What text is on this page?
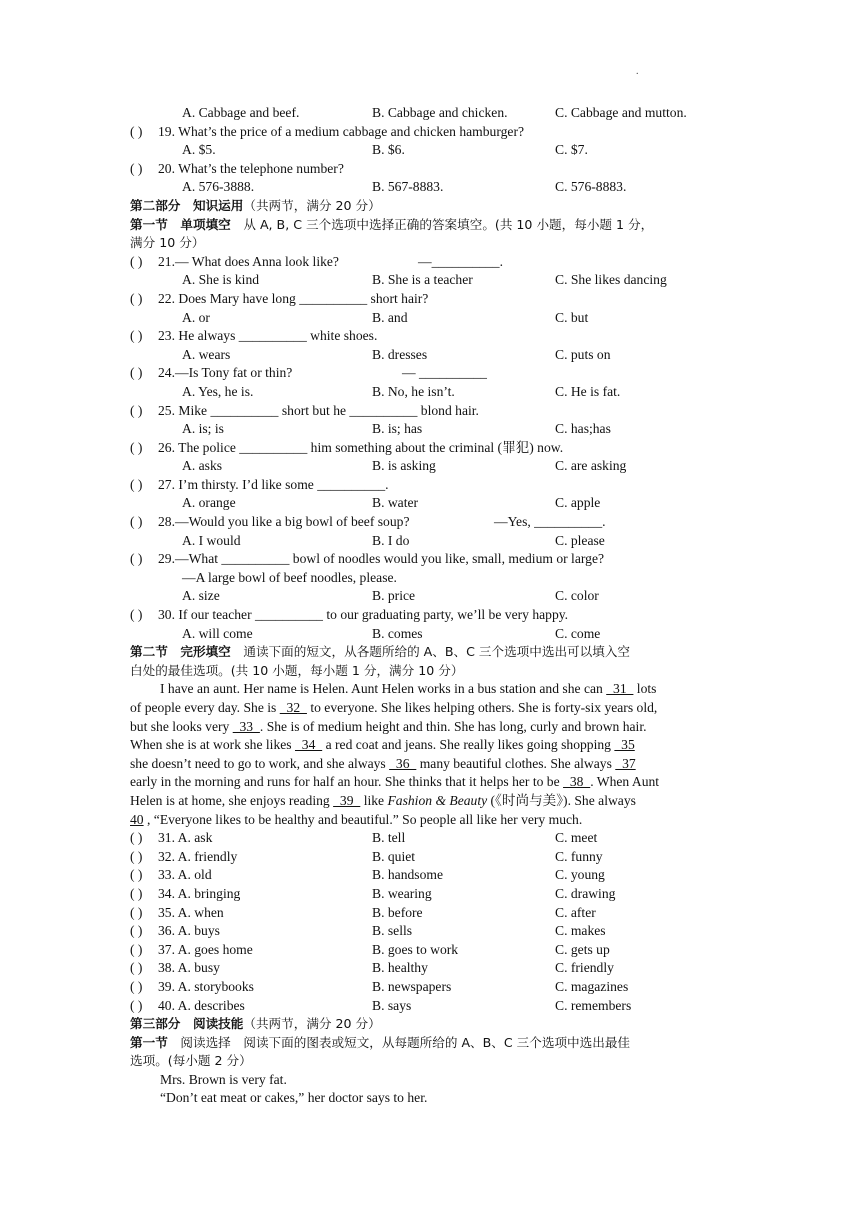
.
A. Cabbage and beef.	B. Cabbage and chicken.	C. Cabbage and mutton.
( ) 19. What’s the price of a medium cabbage and chicken hamburger?
A. $5.	B. $6.	C. $7.
( ) 20. What’s the telephone number?
A. 576-3888.	B. 567-8883.	C. 576-8883.
第二部分　知识运用（共两节，满分 20 分）
第一节　单项填空　从 A, B, C 三个选项中选择正确的答案填空。(共 10 小题，每小题 1 分，
满分 10 分）
( ) 21.— What does Anna look like?	—__________.
A. She is kind	B. She is a teacher	C. She likes dancing
( ) 22. Does Mary have long __________ short hair?
A. or	B. and	C. but
( ) 23. He always __________ white shoes.
A. wears	B. dresses	C. puts on
( ) 24.—Is Tony fat or thin?	— __________
A. Yes, he is.	B. No, he isn’t.	C. He is fat.
( ) 25. Mike __________ short but he __________ blond hair.
A. is; is	B. is; has	C. has;has
( ) 26. The police __________ him something about the criminal (罪犯) now.
A. asks	B. is asking	C. are asking
( ) 27. I’m thirsty. I’d like some __________.
A. orange	B. water	C. apple
( ) 28.—Would you like a big bowl of beef soup?	—Yes, __________.
A. I would	B. I do	C. please
( ) 29.—What __________ bowl of noodles would you like, small, medium or large?
—A large bowl of beef noodles, please.
A. size	B. price	C. color
( ) 30. If our teacher __________ to our graduating party, we’ll be very happy.
A. will come	B. comes	C. come
第二节　完形填空　通读下面的短文，从各题所给的 A、B、C 三个选项中选出可以填入空
白处的最佳选项。(共 10 小题，每小题 1 分，满分 10 分）
I have an aunt. Her name is Helen. Aunt Helen works in a bus station and she can   31   lots
of people every day. She is   32   to everyone. She likes helping others. She is forty-six years old,
but she looks very   33  . She is of medium height and thin. She has long, curly and brown hair.
When she is at work she likes   34   a red coat and jeans. She really likes going shopping   35
she doesn’t need to go to work, and she always   36   many beautiful clothes. She always   37
early in the morning and runs for half an hour. She thinks that it helps her to be   38  . When Aunt
Helen is at home, she enjoys reading   39   like Fashion & Beauty (《时尚与美》). She always
40 , “Everyone likes to be healthy and beautiful.” So people all like her very much.
( ) 31. A. ask	B. tell	C. meet
( ) 32. A. friendly	B. quiet	C. funny
( ) 33. A. old	B. handsome	C. young
( ) 34. A. bringing	B. wearing	C. drawing
( ) 35. A. when	B. before	C. after
( ) 36. A. buys	B. sells	C. makes
( ) 37. A. goes home	B. goes to work	C. gets up
( ) 38. A. busy	B. healthy	C. friendly
( ) 39. A. storybooks	B. newspapers	C. magazines
( ) 40. A. describes	B. says	C. remembers
第三部分　阅读技能（共两节，满分 20 分）
第一节　阅读选择　阅读下面的图表或短文，从每题所给的 A、B、C 三个选项中选出最佳
选项。(每小题 2 分）
Mrs. Brown is very fat.
“Don’t eat meat or cakes,” her doctor says to her.
